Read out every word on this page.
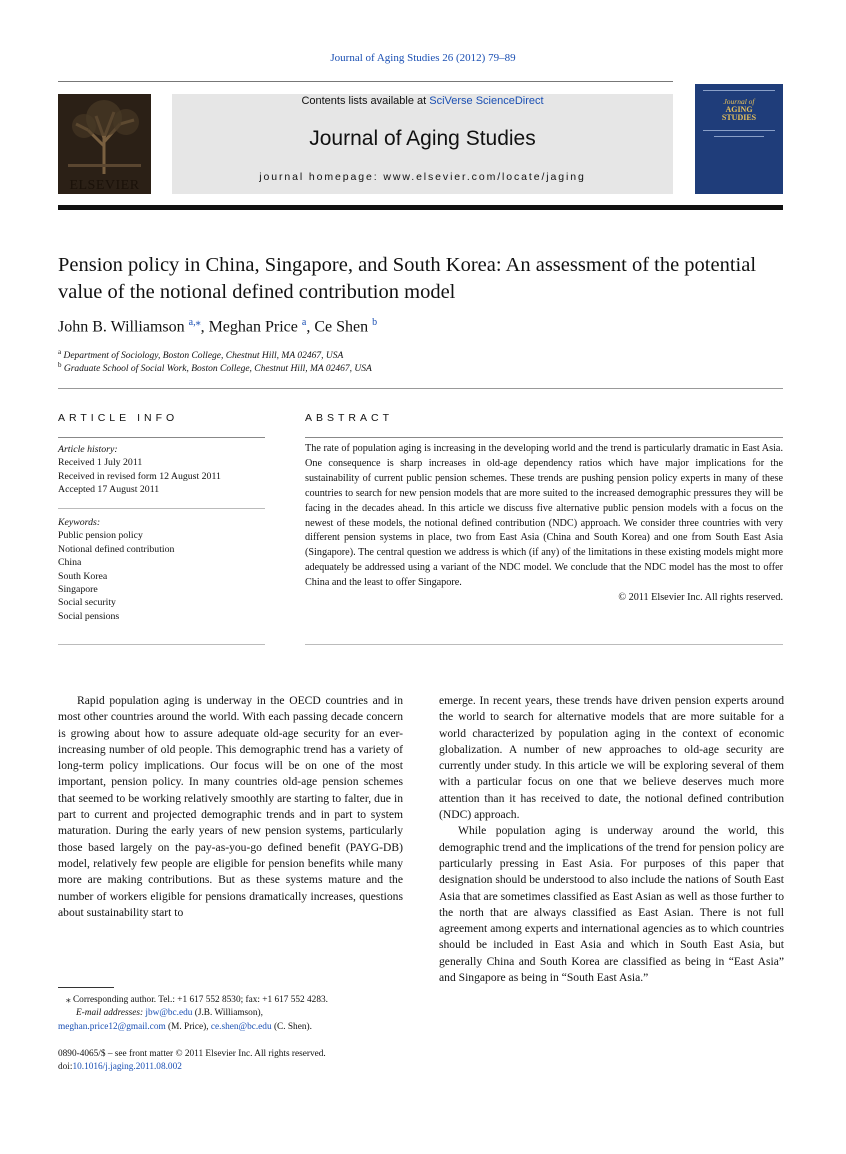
Journal of Aging Studies 26 (2012) 79–89
ELSEVIER
Contents lists available at SciVerse ScienceDirect
Journal of Aging Studies
journal homepage: www.elsevier.com/locate/jaging
Journal of
AGING
STUDIES
Pension policy in China, Singapore, and South Korea: An assessment of the potential value of the notional defined contribution model
John B. Williamson $^{a,⁎}$, Meghan Price $^a$, Ce Shen $^b$
$^a$ Department of Sociology, Boston College, Chestnut Hill, MA 02467, USA
$^b$ Graduate School of Social Work, Boston College, Chestnut Hill, MA 02467, USA
ARTICLE INFO
Article history:
Received 1 July 2011
Received in revised form 12 August 2011
Accepted 17 August 2011
Keywords:
Public pension policy
Notional defined contribution
China
South Korea
Singapore
Social security
Social pensions
ABSTRACT
The rate of population aging is increasing in the developing world and the trend is particularly dramatic in East Asia. One consequence is sharp increases in old-age dependency ratios which have major implications for the sustainability of current public pension schemes. These trends are pushing pension policy experts in many of these countries to search for new pension models that are more suited to the increased demographic pressures they will be facing in the decades ahead. In this article we discuss five alternative public pension models with a focus on the newest of these models, the notional defined contribution (NDC) approach. We consider three countries with very different pension systems in place, two from East Asia (China and South Korea) and one from South East Asia (Singapore). The central question we address is which (if any) of the limitations in these existing models might more adequately be addressed using a variant of the NDC model. We conclude that the NDC model has the most to offer China and the least to offer Singapore.
© 2011 Elsevier Inc. All rights reserved.

Rapid population aging is underway in the OECD countries and in most other countries around the world. With each passing decade concern is growing about how to assure adequate old-age security for an ever-increasing number of old people. This demographic trend has a variety of long-term policy implications. Our focus will be on one of the most important, pension policy. In many countries old-age pension schemes that seemed to be working relatively smoothly are starting to falter, due in part to current and projected demographic trends and in part to system maturation. During the early years of new pension systems, particularly those based largely on the pay-as-you-go defined benefit (PAYG-DB) model, relatively few people are eligible for pension benefits while many more are making contributions. But as these systems mature and the number of workers eligible for pensions dramatically increases, questions about sustainability start to

emerge. In recent years, these trends have driven pension experts around the world to search for alternative models that are more suitable for a world characterized by population aging in the context of economic globalization. A number of new approaches to old-age security are currently under study. In this article we will be exploring several of them with a particular focus on one that we believe deserves much more attention than it has received to date, the notional defined contribution (NDC) approach.

While population aging is underway around the world, this demographic trend and the implications of the trend for pension policy are particularly pressing in East Asia. For purposes of this paper that designation should be understood to also include the nations of South East Asia that are sometimes classified as East Asian as well as those further to the north that are always classified as East Asian. There is not full agreement among experts and international agencies as to which countries should be included in East Asia and which in South East Asia, but generally China and South Korea are classified as being in “East Asia” and Singapore as being in “South East Asia.”

⁎ Corresponding author. Tel.: +1 617 552 8530; fax: +1 617 552 4283.
E-mail addresses: jbw@bc.edu (J.B. Williamson),
meghan.price12@gmail.com (M. Price), ce.shen@bc.edu (C. Shen).
0890-4065/$ – see front matter © 2011 Elsevier Inc. All rights reserved.
doi:10.1016/j.jaging.2011.08.002
